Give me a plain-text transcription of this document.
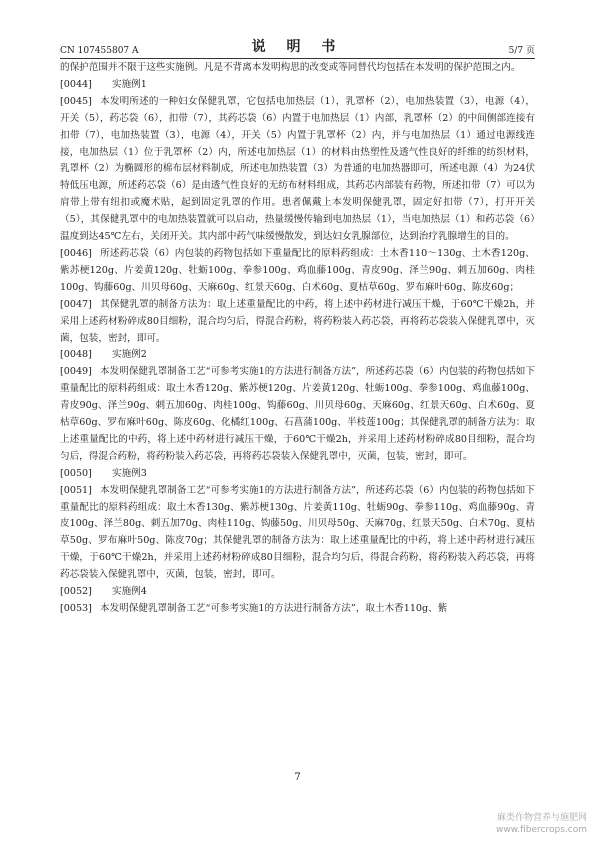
CN 107455807 A	说 明 书	5/7 页

的保护范围并不限于这些实施例。凡是不背离本发明构思的改变或等同替代均包括在本发明的保护范围之内。

[0044] 实施例1

[0045] 本发明所述的一种妇女保健乳罩，它包括电加热层（1），乳罩杯（2），电加热装置（3），电源（4），开关（5），药芯袋（6），扣带（7），其药芯袋（6）内置于电加热层（1）内部，乳罩杯（2）的中间侧部连接有扣带（7），电加热装置（3），电源（4），开关（5）内置于乳罩杯（2）内，并与电加热层（1）通过电源线连接，电加热层（1）位于乳罩杯（2）内，所述电加热层（1）的材料由热塑性及透气性良好的纤维的纺织材料，乳罩杯（2）为椭圆形的棉布层材料制成，所述电加热装置（3）为普通的电加热器即可，所述电源（4）为24伏特低压电源，所述药芯袋（6）是由透气性良好的无纺布材料组成，其药芯内部装有药物，所述扣带（7）可以为肩带上带有纽扣或魔术贴，起到固定乳罩的作用。患者佩戴上本发明保健乳罩，固定好扣带（7），打开开关（5），其保健乳罩中的电加热装置就可以启动，热量缓慢传输到电加热层（1），当电加热层（1）和药芯袋（6）温度到达45℃左右，关闭开关。其内部中药气味缓慢散发，到达妇女乳腺部位，达到治疗乳腺增生的目的。

[0046] 所述药芯袋（6）内包装的药物包括如下重量配比的原料药组成：土木香110～130g、土木香120g、紫苏梗120g、片姜黄120g、牡蛎100g、拳参100g、鸡血藤100g、青皮90g、泽兰90g、刺五加60g、肉桂100g、钩藤60g、川贝母60g、天麻60g、红景天60g、白术60g、夏枯草60g、罗布麻叶60g、陈皮60g；

[0047] 其保健乳罩的制备方法为：取上述重量配比的中药，将上述中药材进行减压干燥，于60℃干燥2h，并采用上述药材粉碎成80目细粉，混合均匀后，得混合药粉，将药粉装入药芯袋，再将药芯袋装入保健乳罩中，灭菌，包装，密封，即可。

[0048] 实施例2

[0049] 本发明保健乳罩制备工艺“可参考实施1的方法进行制备方法”，所述药芯袋（6）内包装的药物包括如下重量配比的原料药组成：取土木香120g、紫苏梗120g、片姜黄120g、牡蛎100g、拳参100g、鸡血藤100g、青皮90g、泽兰90g、刺五加60g、肉桂100g、钩藤60g、川贝母60g、天麻60g、红景天60g、白术60g、夏枯草60g、罗布麻叶60g、陈皮60g、化橘红100g、石菖蒲100g、半枝莲100g；其保健乳罩的制备方法为：取上述重量配比的中药，将上述中药材进行减压干燥，于60℃干燥2h，并采用上述药材粉碎成80目细粉，混合均匀后，得混合药粉，将药粉装入药芯袋，再将药芯袋装入保健乳罩中，灭菌，包装，密封，即可。

[0050] 实施例3

[0051] 本发明保健乳罩制备工艺“可参考实施1的方法进行制备方法”，所述药芯袋（6）内包装的药物包括如下重量配比的原料药组成：取土木香130g、紫苏梗130g、片姜黄110g、牡蛎90g、拳参110g、鸡血藤90g、青皮100g、泽兰80g、刺五加70g、肉桂110g、钩藤50g、川贝母50g、天麻70g、红景天50g、白术70g、夏枯草50g、罗布麻叶50g、陈皮70g；其保健乳罩的制备方法为：取上述重量配比的中药，将上述中药材进行减压干燥，于60℃干燥2h，并采用上述药材粉碎成80目细粉，混合均匀后，得混合药粉，将药粉装入药芯袋，再将药芯袋装入保健乳罩中，灭菌，包装，密封，即可。

[0052] 实施例4

[0053] 本发明保健乳罩制备工艺“可参考实施1的方法进行制备方法”，取土木香110g、紫

7
麻类作物营养与施肥网
www.fibercrops.com
